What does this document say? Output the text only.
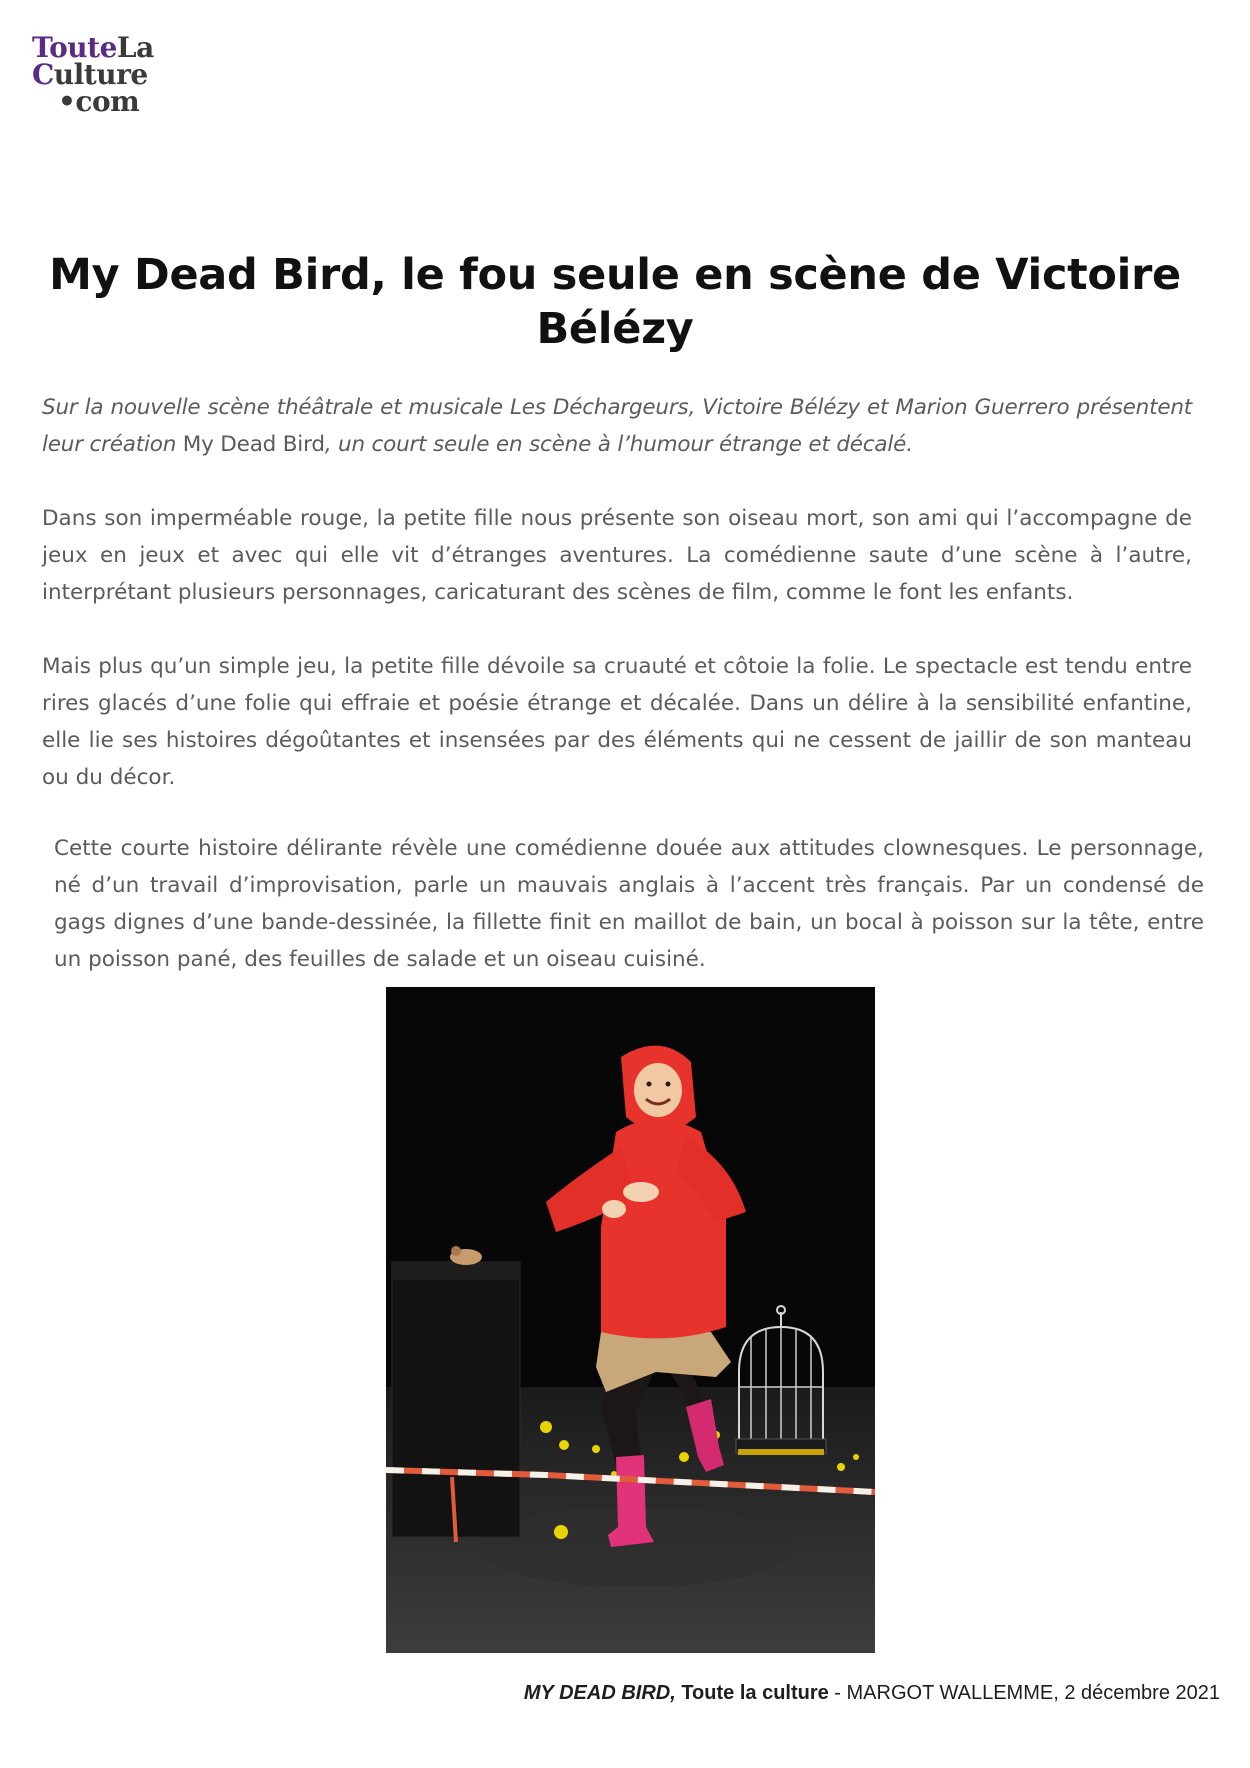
TouteLa
Culture
•com
My Dead Bird, le fou seule en scène de Victoire Bélézy

Sur la nouvelle scène théâtrale et musicale Les Déchargeurs, Victoire Bélézy et Marion Guerrero présentent leur création My Dead Bird, un court seule en scène à l’humour étrange et décalé.

Dans son imperméable rouge, la petite fille nous présente son oiseau mort, son ami qui l’accompagne de jeux en jeux et avec qui elle vit d’étranges aventures. La comédienne saute d’une scène à l’autre, interprétant plusieurs personnages, caricaturant des scènes de film, comme le font les enfants.

Mais plus qu’un simple jeu, la petite fille dévoile sa cruauté et côtoie la folie. Le spectacle est tendu entre rires glacés d’une folie qui effraie et poésie étrange et décalée. Dans un délire à la sensibilité enfantine, elle lie ses histoires dégoûtantes et insensées par des éléments qui ne cessent de jaillir de son manteau ou du décor.

Cette courte histoire délirante révèle une comédienne douée aux attitudes clownesques. Le personnage, né d’un travail d’improvisation, parle un mauvais anglais à l’accent très français. Par un condensé de gags dignes d’une bande-dessinée, la fillette finit en maillot de bain, un bocal à poisson sur la tête, entre un poisson pané, des feuilles de salade et un oiseau cuisiné.

MY DEAD BIRD, Toute la culture - MARGOT WALLEMME, 2 décembre 2021
